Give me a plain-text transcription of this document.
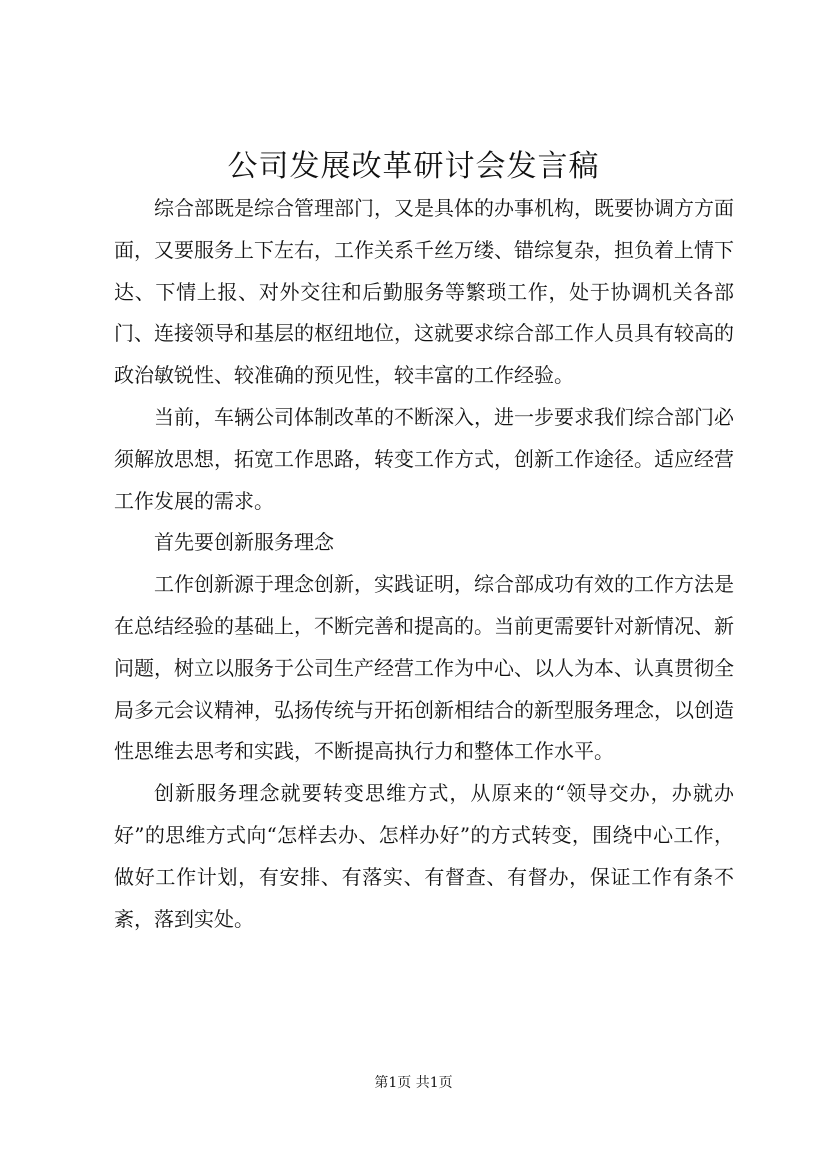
公司发展改革研讨会发言稿

综合部既是综合管理部门，又是具体的办事机构，既要协调方方面面，又要服务上下左右，工作关系千丝万缕、错综复杂，担负着上情下达、下情上报、对外交往和后勤服务等繁琐工作，处于协调机关各部门、连接领导和基层的枢纽地位，这就要求综合部工作人员具有较高的政治敏锐性、较准确的预见性，较丰富的工作经验。

当前，车辆公司体制改革的不断深入，进一步要求我们综合部门必须解放思想，拓宽工作思路，转变工作方式，创新工作途径。适应经营工作发展的需求。

首先要创新服务理念

工作创新源于理念创新，实践证明，综合部成功有效的工作方法是在总结经验的基础上，不断完善和提高的。当前更需要针对新情况、新问题，树立以服务于公司生产经营工作为中心、以人为本、认真贯彻全局多元会议精神，弘扬传统与开拓创新相结合的新型服务理念，以创造性思维去思考和实践，不断提高执行力和整体工作水平。

创新服务理念就要转变思维方式，从原来的“领导交办，办就办好”的思维方式向“怎样去办、怎样办好”的方式转变，围绕中心工作，做好工作计划，有安排、有落实、有督查、有督办，保证工作有条不紊，落到实处。

第1页 共1页
